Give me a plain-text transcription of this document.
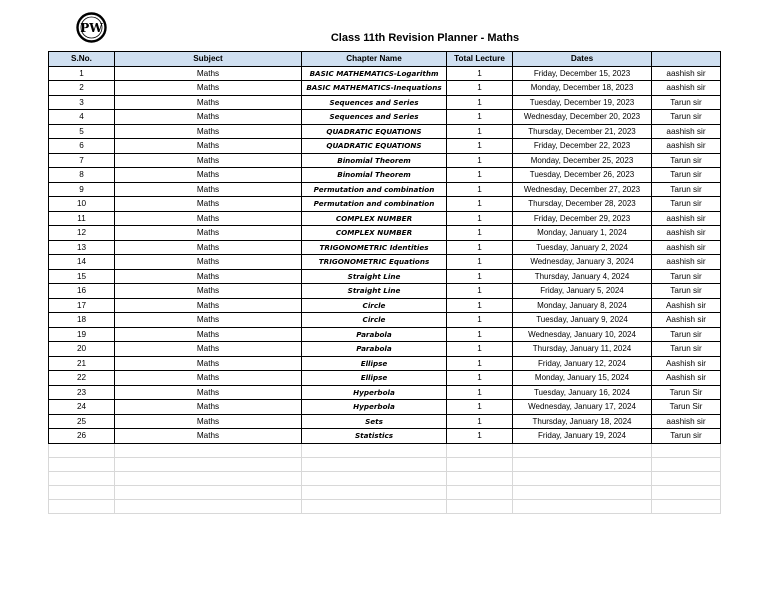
PW
Class 11th Revision Planner - Maths
S.No.	Subject	Chapter Name	Total Lecture	Dates	
1	Maths	BASIC MATHEMATICS-Logarithm	1	Friday, December 15, 2023	aashish sir
2	Maths	BASIC MATHEMATICS-Inequations	1	Monday, December 18, 2023	aashish sir
3	Maths	Sequences and Series	1	Tuesday, December 19, 2023	Tarun sir
4	Maths	Sequences and Series	1	Wednesday, December 20, 2023	Tarun sir
5	Maths	QUADRATIC EQUATIONS	1	Thursday, December 21, 2023	aashish sir
6	Maths	QUADRATIC EQUATIONS	1	Friday, December 22, 2023	aashish sir
7	Maths	Binomial Theorem	1	Monday, December 25, 2023	Tarun sir
8	Maths	Binomial Theorem	1	Tuesday, December 26, 2023	Tarun sir
9	Maths	Permutation and combination	1	Wednesday, December 27, 2023	Tarun sir
10	Maths	Permutation and combination	1	Thursday, December 28, 2023	Tarun sir
11	Maths	COMPLEX NUMBER	1	Friday, December 29, 2023	aashish sir
12	Maths	COMPLEX NUMBER	1	Monday, January 1, 2024	aashish sir
13	Maths	TRIGONOMETRIC Identities	1	Tuesday, January 2, 2024	aashish sir
14	Maths	TRIGONOMETRIC Equations	1	Wednesday, January 3, 2024	aashish sir
15	Maths	Straight Line	1	Thursday, January 4, 2024	Tarun sir
16	Maths	Straight Line	1	Friday, January 5, 2024	Tarun sir
17	Maths	Circle	1	Monday, January 8, 2024	Aashish sir
18	Maths	Circle	1	Tuesday, January 9, 2024	Aashish sir
19	Maths	Parabola	1	Wednesday, January 10, 2024	Tarun sir
20	Maths	Parabola	1	Thursday, January 11, 2024	Tarun sir
21	Maths	Ellipse	1	Friday, January 12, 2024	Aashish sir
22	Maths	Ellipse	1	Monday, January 15, 2024	Aashish sir
23	Maths	Hyperbola	1	Tuesday, January 16, 2024	Tarun Sir
24	Maths	Hyperbola	1	Wednesday, January 17, 2024	Tarun Sir
25	Maths	Sets	1	Thursday, January 18, 2024	aashish sir
26	Maths	Statistics	1	Friday, January 19, 2024	Tarun sir
